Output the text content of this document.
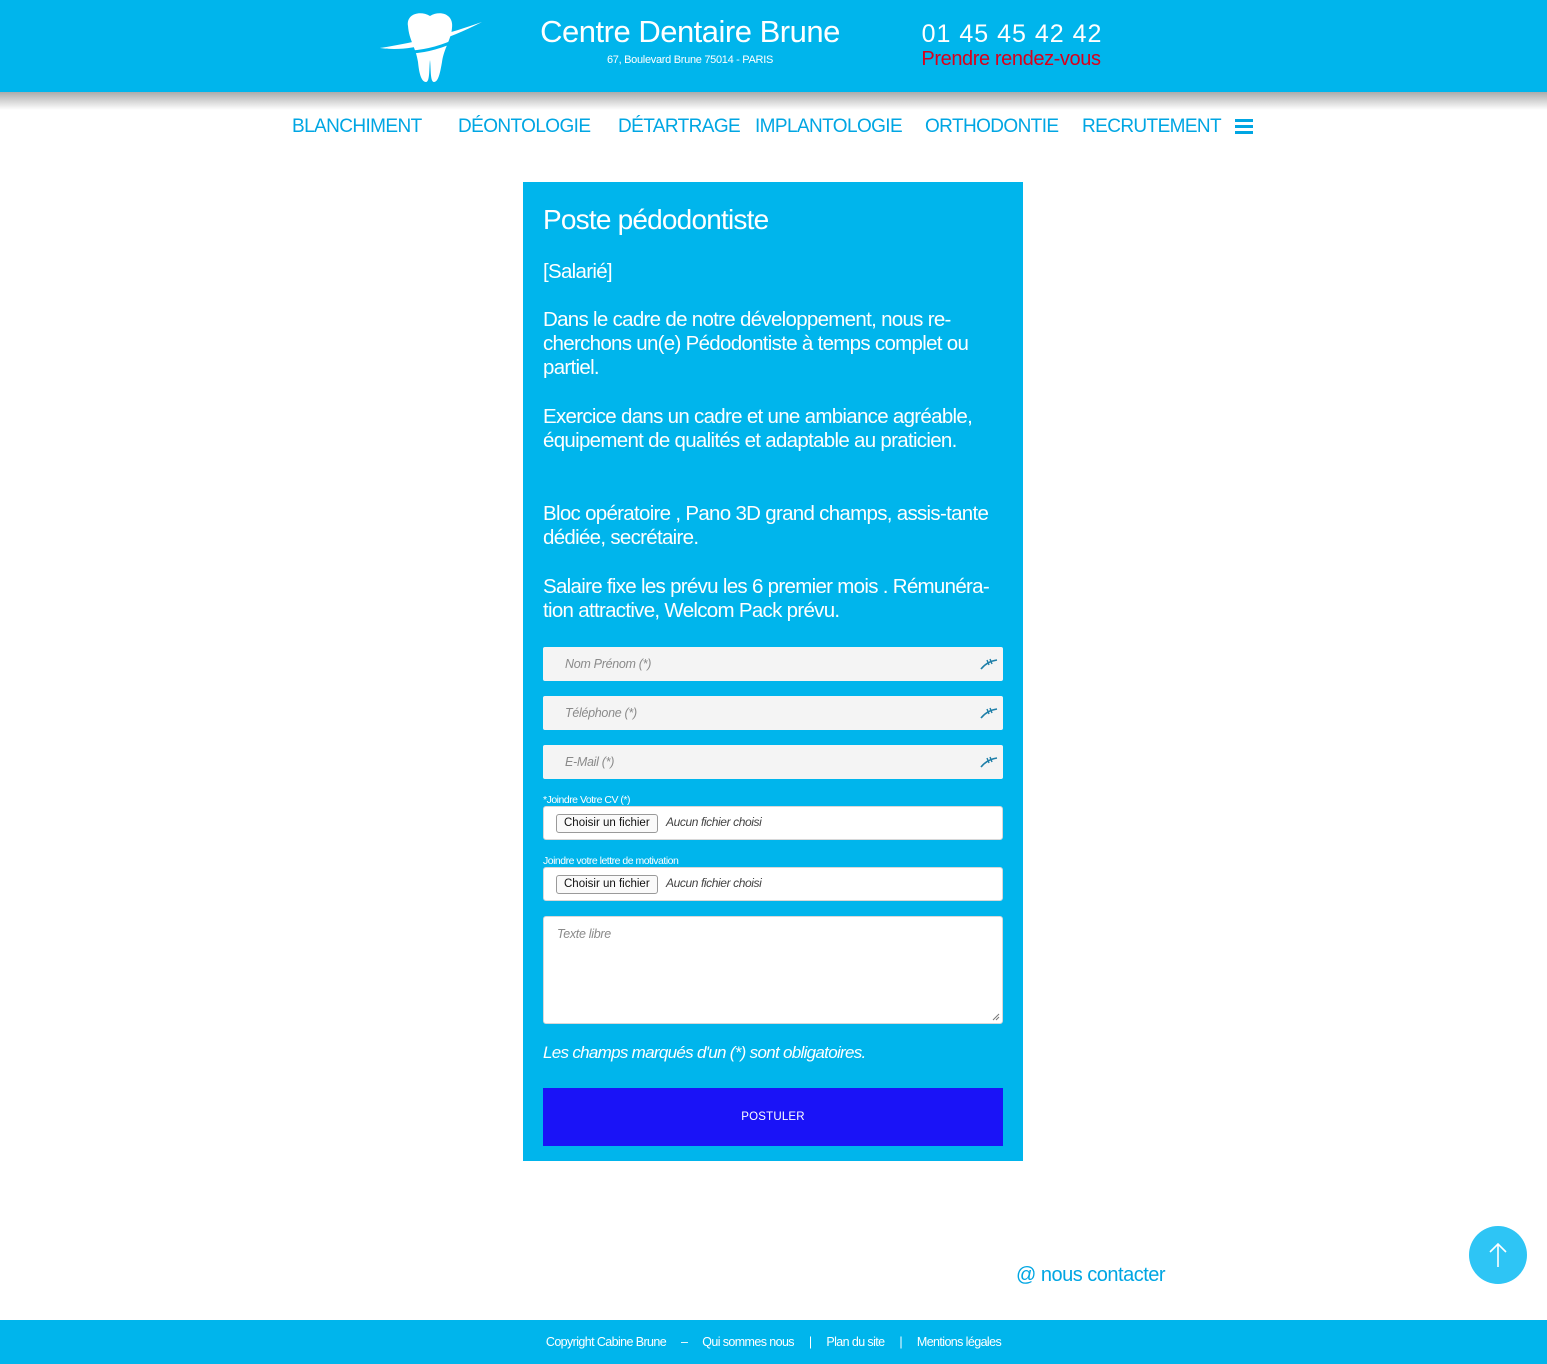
Centre Dentaire Brune
67, Boulevard Brune 75014 - PARIS
01 45 45 42 42
Prendre rendez-vous
BLANCHIMENT DÉONTOLOGIE DÉTARTRAGE IMPLANTOLOGIE ORTHODONTIE RECRUTEMENT
Poste pédodontiste
[Salarié]
Dans le cadre de notre développement, nous re-cherchons un(e) Pédodontiste à temps complet ou partiel.
Exercice dans un cadre et une ambiance agréable, équipement de qualités et adaptable au praticien.
Bloc opératoire , Pano 3D grand champs, assis-tante dédiée, secrétaire.
Salaire fixe les prévu les 6 premier mois . Rémunéra-tion attractive, Welcom Pack prévu.
Nom Prénom (*)
Téléphone (*)
E-Mail (*)
*Joindre Votre CV (*)
Choisir un fichier	Aucun fichier choisi
Joindre votre lettre de motivation
Choisir un fichier	Aucun fichier choisi
Texte libre
Les champs marqués d'un (*) sont obligatoires.
POSTULER
@ nous contacter
Copyright Cabine Brune – Qui sommes nous | Plan du site | Mentions légales
